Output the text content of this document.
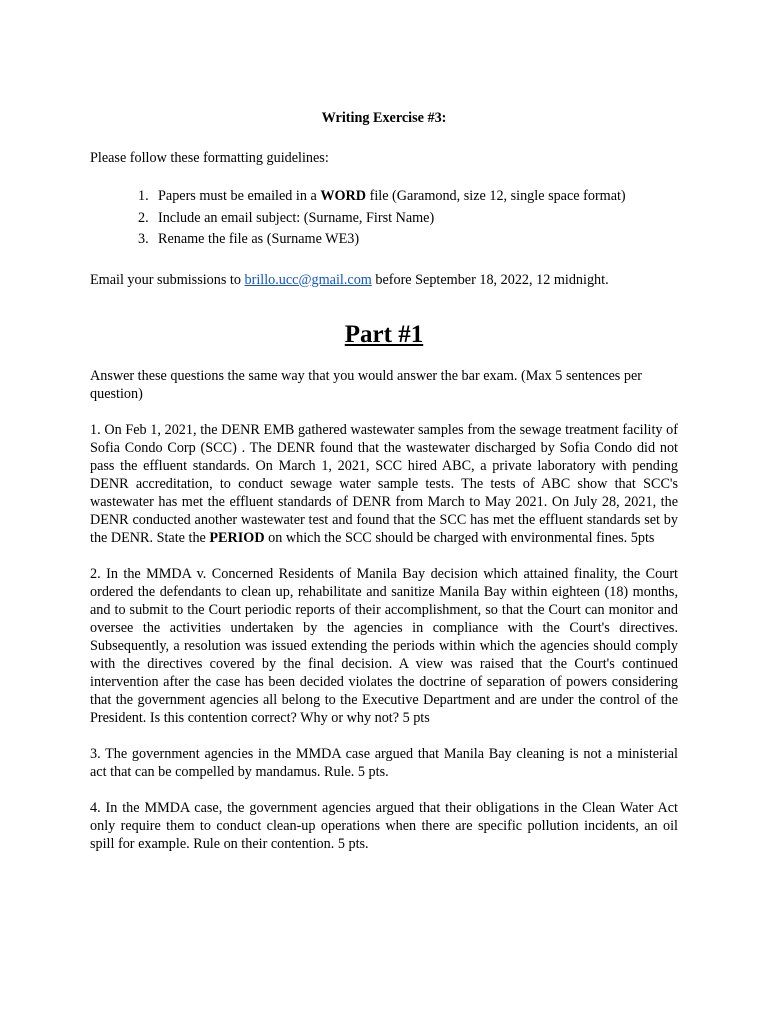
Writing Exercise #3:

Please follow these formatting guidelines:

1. Papers must be emailed in a WORD file (Garamond, size 12, single space format)
2. Include an email subject: (Surname, First Name)
3. Rename the file as (Surname WE3)

Email your submissions to brillo.ucc@gmail.com before September 18, 2022, 12 midnight.

Part #1

Answer these questions the same way that you would answer the bar exam. (Max 5 sentences per question)

1. On Feb 1, 2021, the DENR EMB gathered wastewater samples from the sewage treatment facility of Sofia Condo Corp (SCC) . The DENR found that the wastewater discharged by Sofia Condo did not pass the effluent standards. On March 1, 2021, SCC hired ABC, a private laboratory with pending DENR accreditation, to conduct sewage water sample tests. The tests of ABC show that SCC's wastewater has met the effluent standards of DENR from March to May 2021. On July 28, 2021, the DENR conducted another wastewater test and found that the SCC has met the effluent standards set by the DENR. State the PERIOD on which the SCC should be charged with environmental fines. 5pts

2. In the MMDA v. Concerned Residents of Manila Bay decision which attained finality, the Court ordered the defendants to clean up, rehabilitate and sanitize Manila Bay within eighteen (18) months, and to submit to the Court periodic reports of their accomplishment, so that the Court can monitor and oversee the activities undertaken by the agencies in compliance with the Court's directives. Subsequently, a resolution was issued extending the periods within which the agencies should comply with the directives covered by the final decision. A view was raised that the Court's continued intervention after the case has been decided violates the doctrine of separation of powers considering that the government agencies all belong to the Executive Department and are under the control of the President. Is this contention correct? Why or why not? 5 pts

3. The government agencies in the MMDA case argued that Manila Bay cleaning is not a ministerial act that can be compelled by mandamus. Rule. 5 pts.

4. In the MMDA case, the government agencies argued that their obligations in the Clean Water Act only require them to conduct clean-up operations when there are specific pollution incidents, an oil spill for example. Rule on their contention. 5 pts.
